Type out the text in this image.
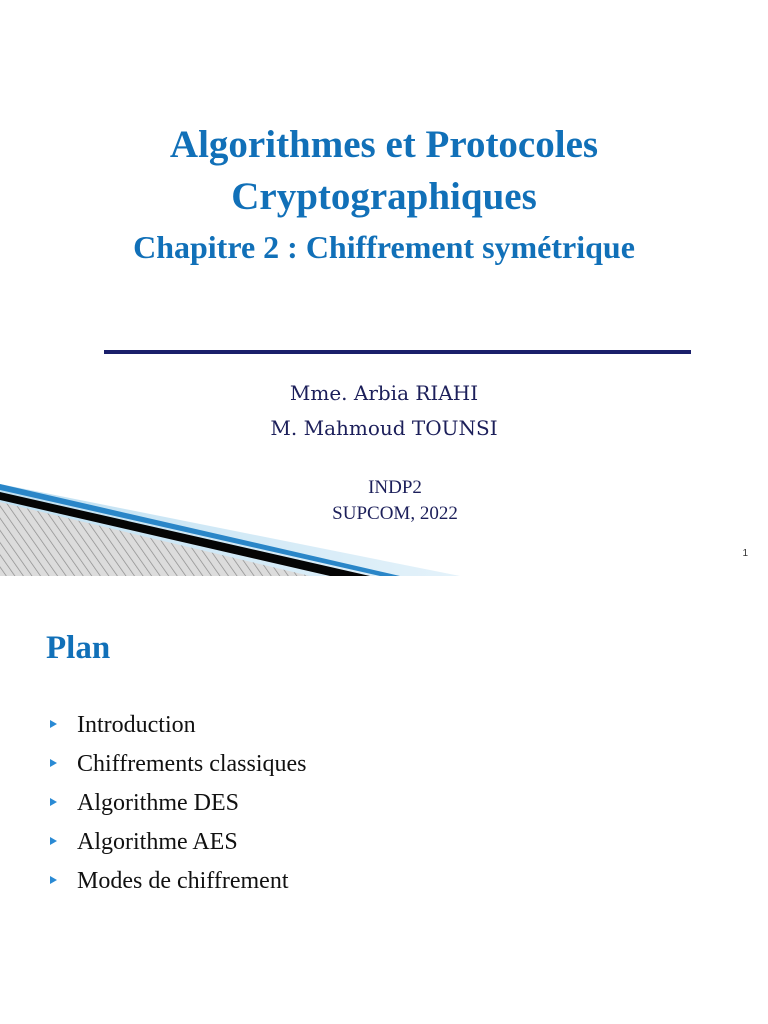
Algorithmes et Protocoles
Cryptographiques
Chapitre 2 : Chiffrement symétrique
Mme. Arbia RIAHI
M. Mahmoud TOUNSI
INDP2
SUPCOM, 2022
1
Plan
Introduction
Chiffrements classiques
Algorithme DES
Algorithme AES
Modes de chiffrement
